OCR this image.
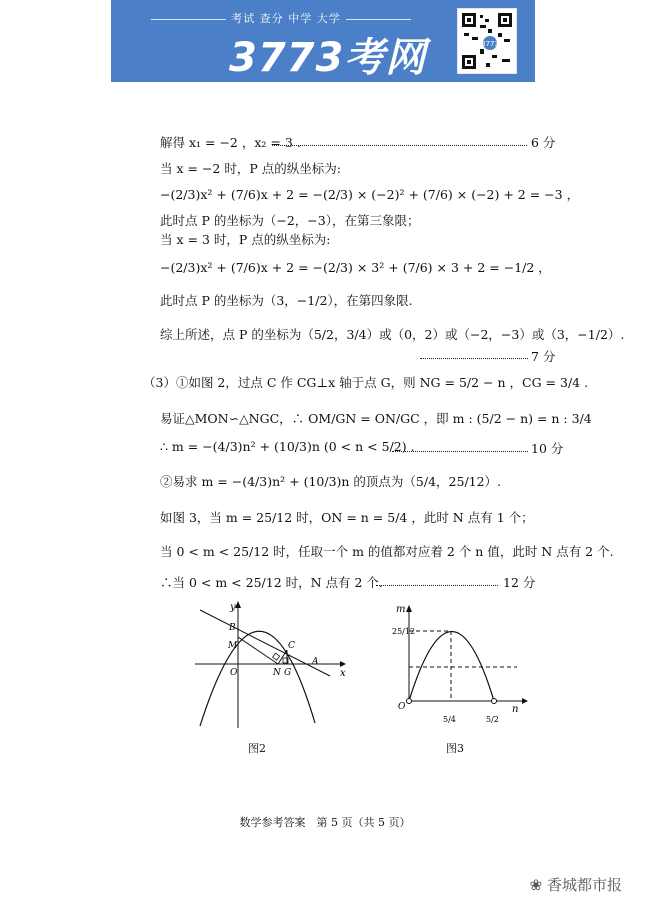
考试 查分 中学 大学
3773考网	3773
解得 x₁ = −2 ，x₂ = 3 .	6 分
当 x = −2 时，P 点的纵坐标为:
−(2/3)x² + (7/6)x + 2 = −(2/3) × (−2)² + (7/6) × (−2) + 2 = −3 ，
此时点 P 的坐标为（−2，−3），在第三象限；
当 x = 3 时，P 点的纵坐标为:
−(2/3)x² + (7/6)x + 2 = −(2/3) × 3² + (7/6) × 3 + 2 = −1/2 ，
此时点 P 的坐标为（3，−1/2），在第四象限.
综上所述，点 P 的坐标为（5/2，3/4）或（0，2）或（−2，−3）或（3，−1/2）.
7 分
（3）①如图 2，过点 C 作 CG⊥x 轴于点 G，则 NG = 5/2 − n ，CG = 3/4 .
易证△MON∽△NGC，∴ OM/GN = ON/GC ，即 m : (5/2 − n) = n : 3/4
∴ m = −(4/3)n² + (10/3)n (0 < n < 5/2) .	10 分
②易求 m = −(4/3)n² + (10/3)n 的顶点为（5/4，25/12）.
如图 3，当 m = 25/12 时，ON = n = 5/4 ，此时 N 点有 1 个；
当 0 < m < 25/12 时，任取一个 m 的值都对应着 2 个 n 值，此时 N 点有 2 个.
∴当 0 < m < 25/12 时，N 点有 2 个.	12 分
y
x
B
M
O	N G
C
A
图2
m
n
O
25/12
5/4	5/2
图3
数学参考答案　第 5 页（共 5 页）
❀ 香城都市报
